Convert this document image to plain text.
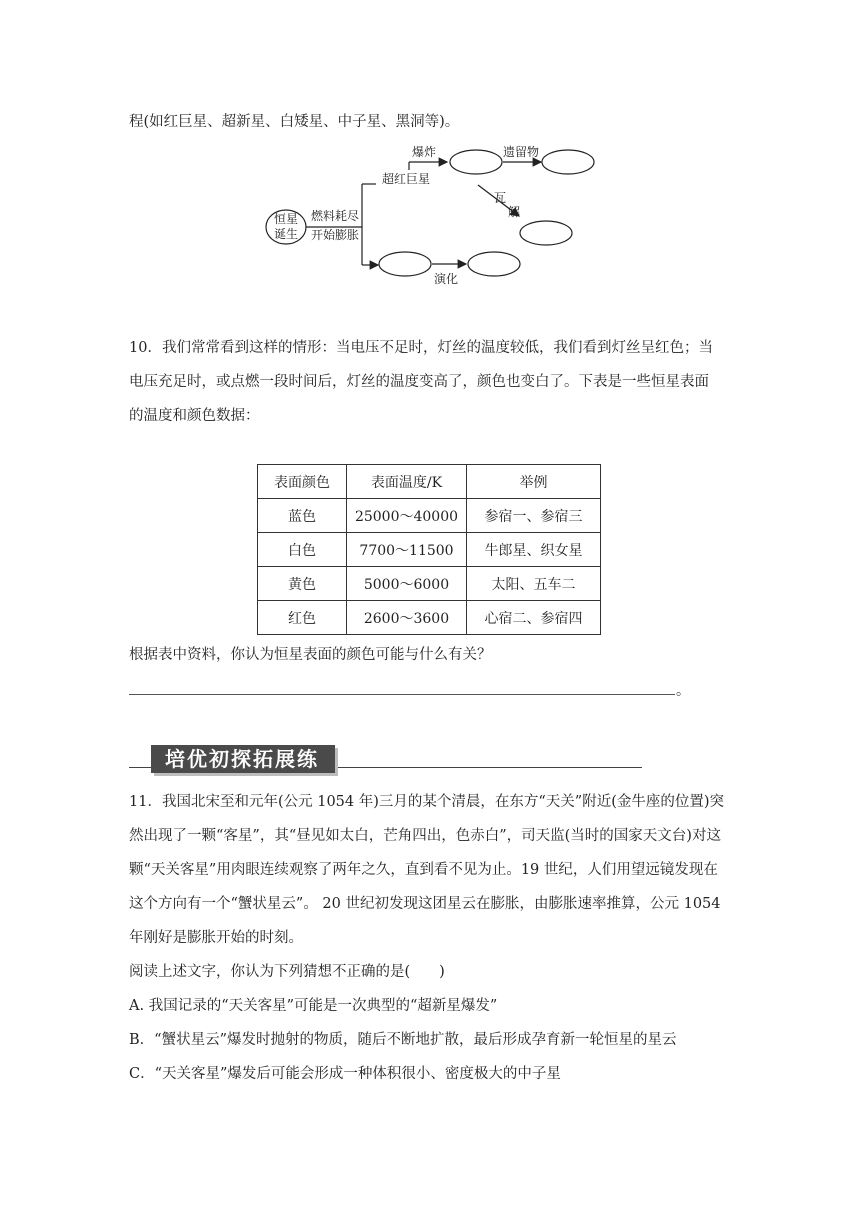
程(如红巨星、超新星、白矮星、中子星、黑洞等)。
恒星
诞生
燃料耗尽
开始膨胀
超红巨星
爆炸	遗留物
瓦
解
演化
10．我们常常看到这样的情形：当电压不足时，灯丝的温度较低，我们看到灯丝呈红色；当
电压充足时，或点燃一段时间后，灯丝的温度变高了，颜色也变白了。下表是一些恒星表面
的温度和颜色数据：
表面颜色	表面温度/K	举例
蓝色	25000～40000	参宿一、参宿三
白色	7700～11500	牛郎星、织女星
黄色	5000～6000	太阳、五车二
红色	2600～3600	心宿二、参宿四
根据表中资料，你认为恒星表面的颜色可能与什么有关？
。
培优初探拓展练
11．我国北宋至和元年(公元 1054 年)三月的某个清晨，在东方“天关”附近(金牛座的位置)突
然出现了一颗“客星”，其“昼见如太白，芒角四出，色赤白”，司天监(当时的国家天文台)对这
颗“天关客星”用肉眼连续观察了两年之久，直到看不见为止。19 世纪，人们用望远镜发现在
这个方向有一个“蟹状星云”。 20 世纪初发现这团星云在膨胀，由膨胀速率推算，公元 1054
年刚好是膨胀开始的时刻。
阅读上述文字，你认为下列猜想不正确的是(　　)
A. 我国记录的“天关客星”可能是一次典型的“超新星爆发”
B．“蟹状星云”爆发时抛射的物质，随后不断地扩散，最后形成孕育新一轮恒星的星云
C．“天关客星”爆发后可能会形成一种体积很小、密度极大的中子星
